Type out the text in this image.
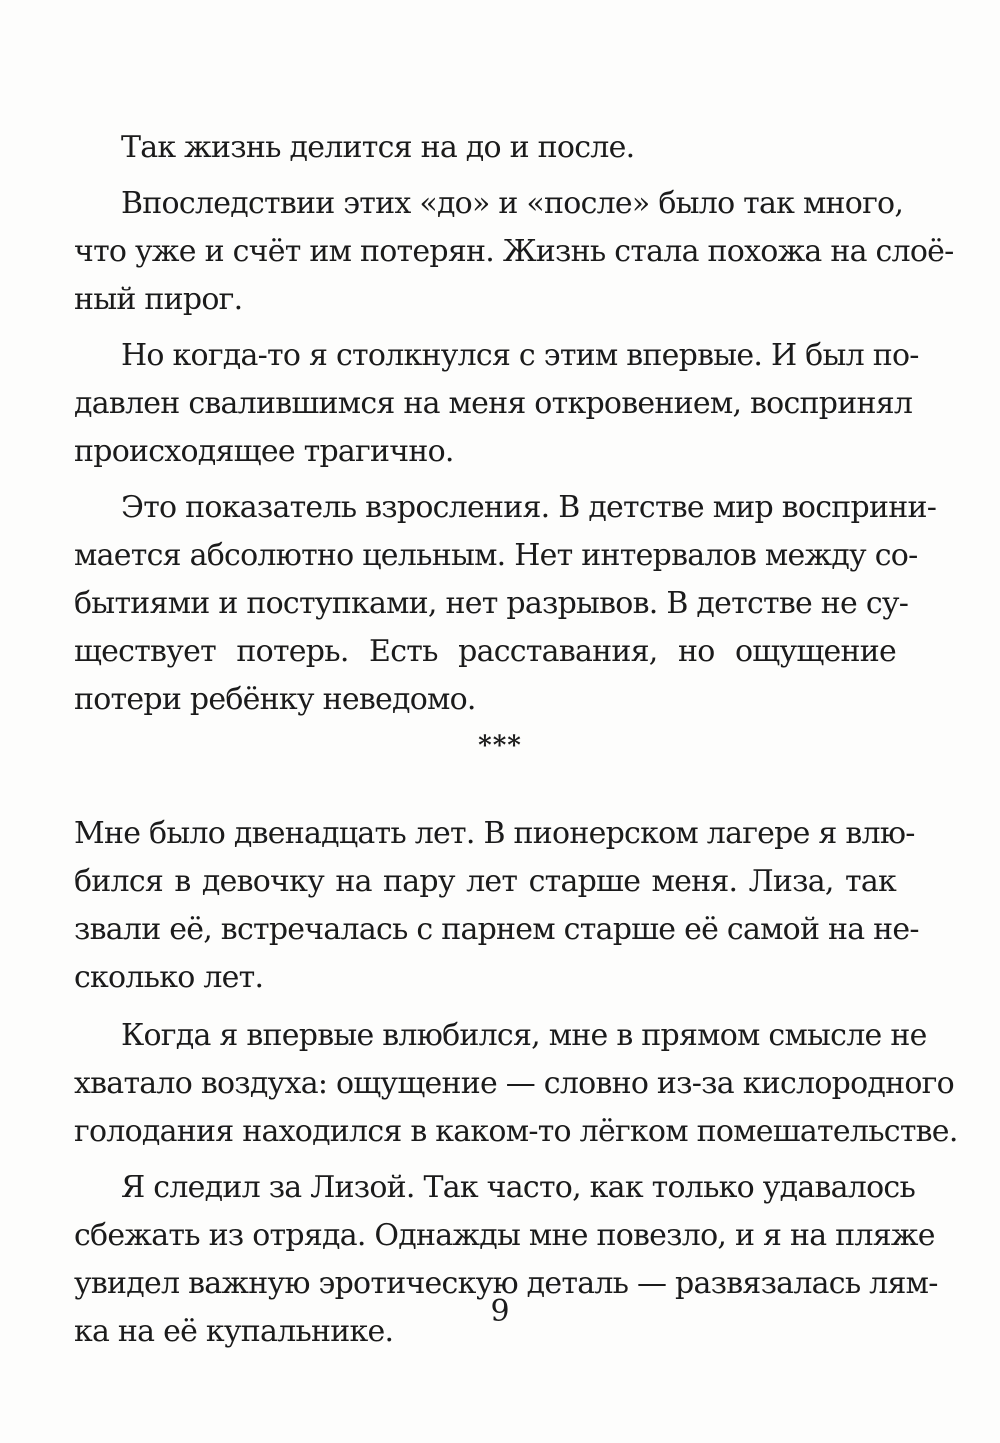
Так жизнь делится на до и после.

Впоследствии этих «до» и «после» было так много,

что уже и счёт им потерян. Жизнь стала похожа на слоё-

ный пирог.

Но когда-то я столкнулся с этим впервые. И был по-

давлен свалившимся на меня откровением, воспринял

происходящее трагично.

Это показатель взросления. В детстве мир восприни-

мается абсолютно цельным. Нет интервалов между со-

бытиями и поступками, нет разрывов. В детстве не су-

ществует потерь. Есть расставания, но ощущение

потери ребёнку неведомо.

***

Мне было двенадцать лет. В пионерском лагере я влю-

бился в девочку на пару лет старше меня. Лиза, так

звали её, встречалась с парнем старше её самой на не-

сколько лет.

Когда я впервые влюбился, мне в прямом смысле не

хватало воздуха: ощущение — словно из-за кислородного

голодания находился в каком-то лёгком помешательстве.

Я следил за Лизой. Так часто, как только удавалось

сбежать из отряда. Однажды мне повезло, и я на пляже

увидел важную эротическую деталь — развязалась лям-

ка на её купальнике.

9
